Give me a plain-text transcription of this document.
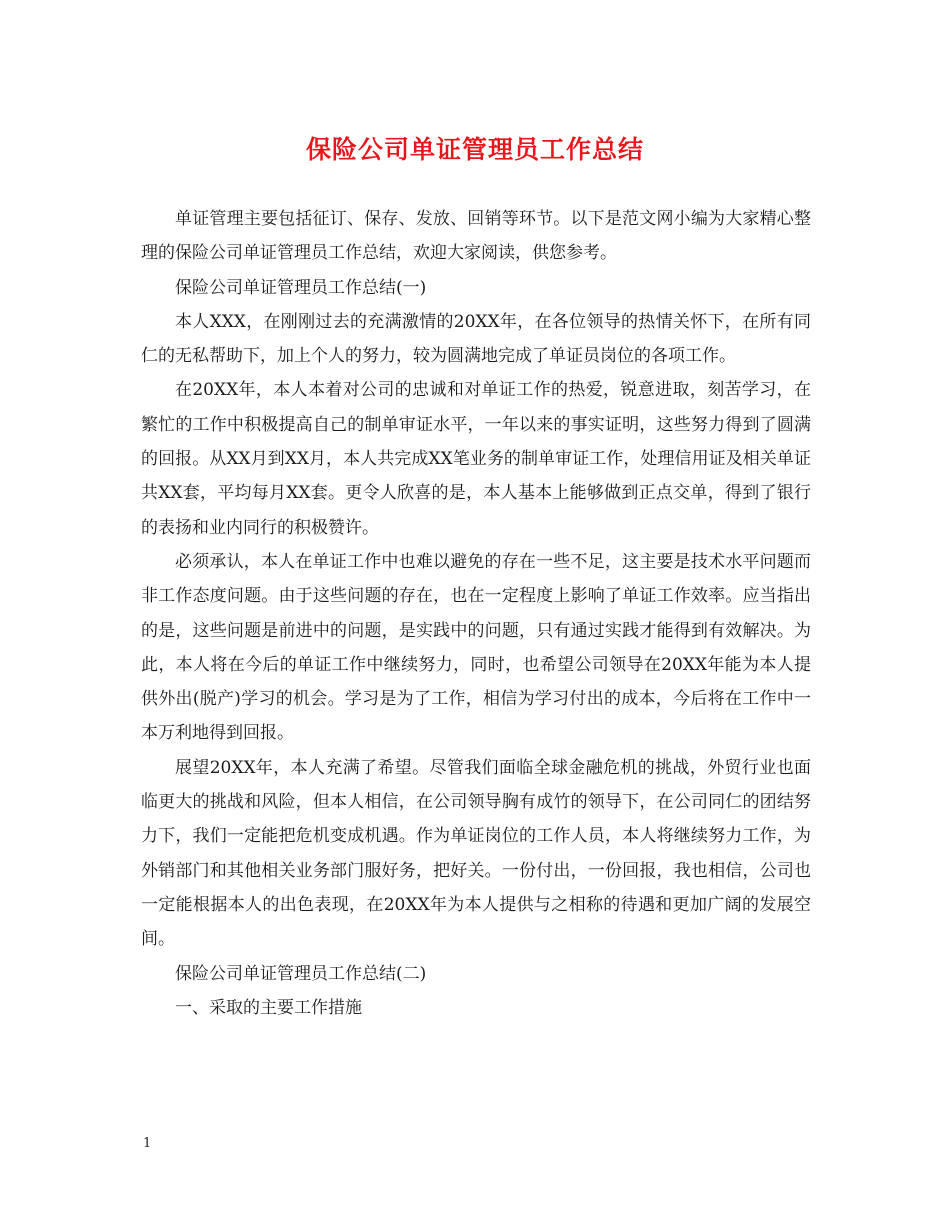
保险公司单证管理员工作总结

单证管理主要包括征订、保存、发放、回销等环节。以下是范文网小编为大家精心整理的保险公司单证管理员工作总结，欢迎大家阅读，供您参考。

保险公司单证管理员工作总结(一)

本人XXX，在刚刚过去的充满激情的20XX年，在各位领导的热情关怀下，在所有同仁的无私帮助下，加上个人的努力，较为圆满地完成了单证员岗位的各项工作。

在20XX年，本人本着对公司的忠诚和对单证工作的热爱，锐意进取，刻苦学习，在繁忙的工作中积极提高自己的制单审证水平，一年以来的事实证明，这些努力得到了圆满的回报。从XX月到XX月，本人共完成XX笔业务的制单审证工作，处理信用证及相关单证共XX套，平均每月XX套。更令人欣喜的是，本人基本上能够做到正点交单，得到了银行的表扬和业内同行的积极赞许。

必须承认，本人在单证工作中也难以避免的存在一些不足，这主要是技术水平问题而非工作态度问题。由于这些问题的存在，也在一定程度上影响了单证工作效率。应当指出的是，这些问题是前进中的问题，是实践中的问题，只有通过实践才能得到有效解决。为此，本人将在今后的单证工作中继续努力，同时，也希望公司领导在20XX年能为本人提供外出(脱产)学习的机会。学习是为了工作，相信为学习付出的成本，今后将在工作中一本万利地得到回报。

展望20XX年，本人充满了希望。尽管我们面临全球金融危机的挑战，外贸行业也面临更大的挑战和风险，但本人相信，在公司领导胸有成竹的领导下，在公司同仁的团结努力下，我们一定能把危机变成机遇。作为单证岗位的工作人员，本人将继续努力工作，为外销部门和其他相关业务部门服好务，把好关。一份付出，一份回报，我也相信，公司也一定能根据本人的出色表现，在20XX年为本人提供与之相称的待遇和更加广阔的发展空间。

保险公司单证管理员工作总结(二)

一、采取的主要工作措施

1
